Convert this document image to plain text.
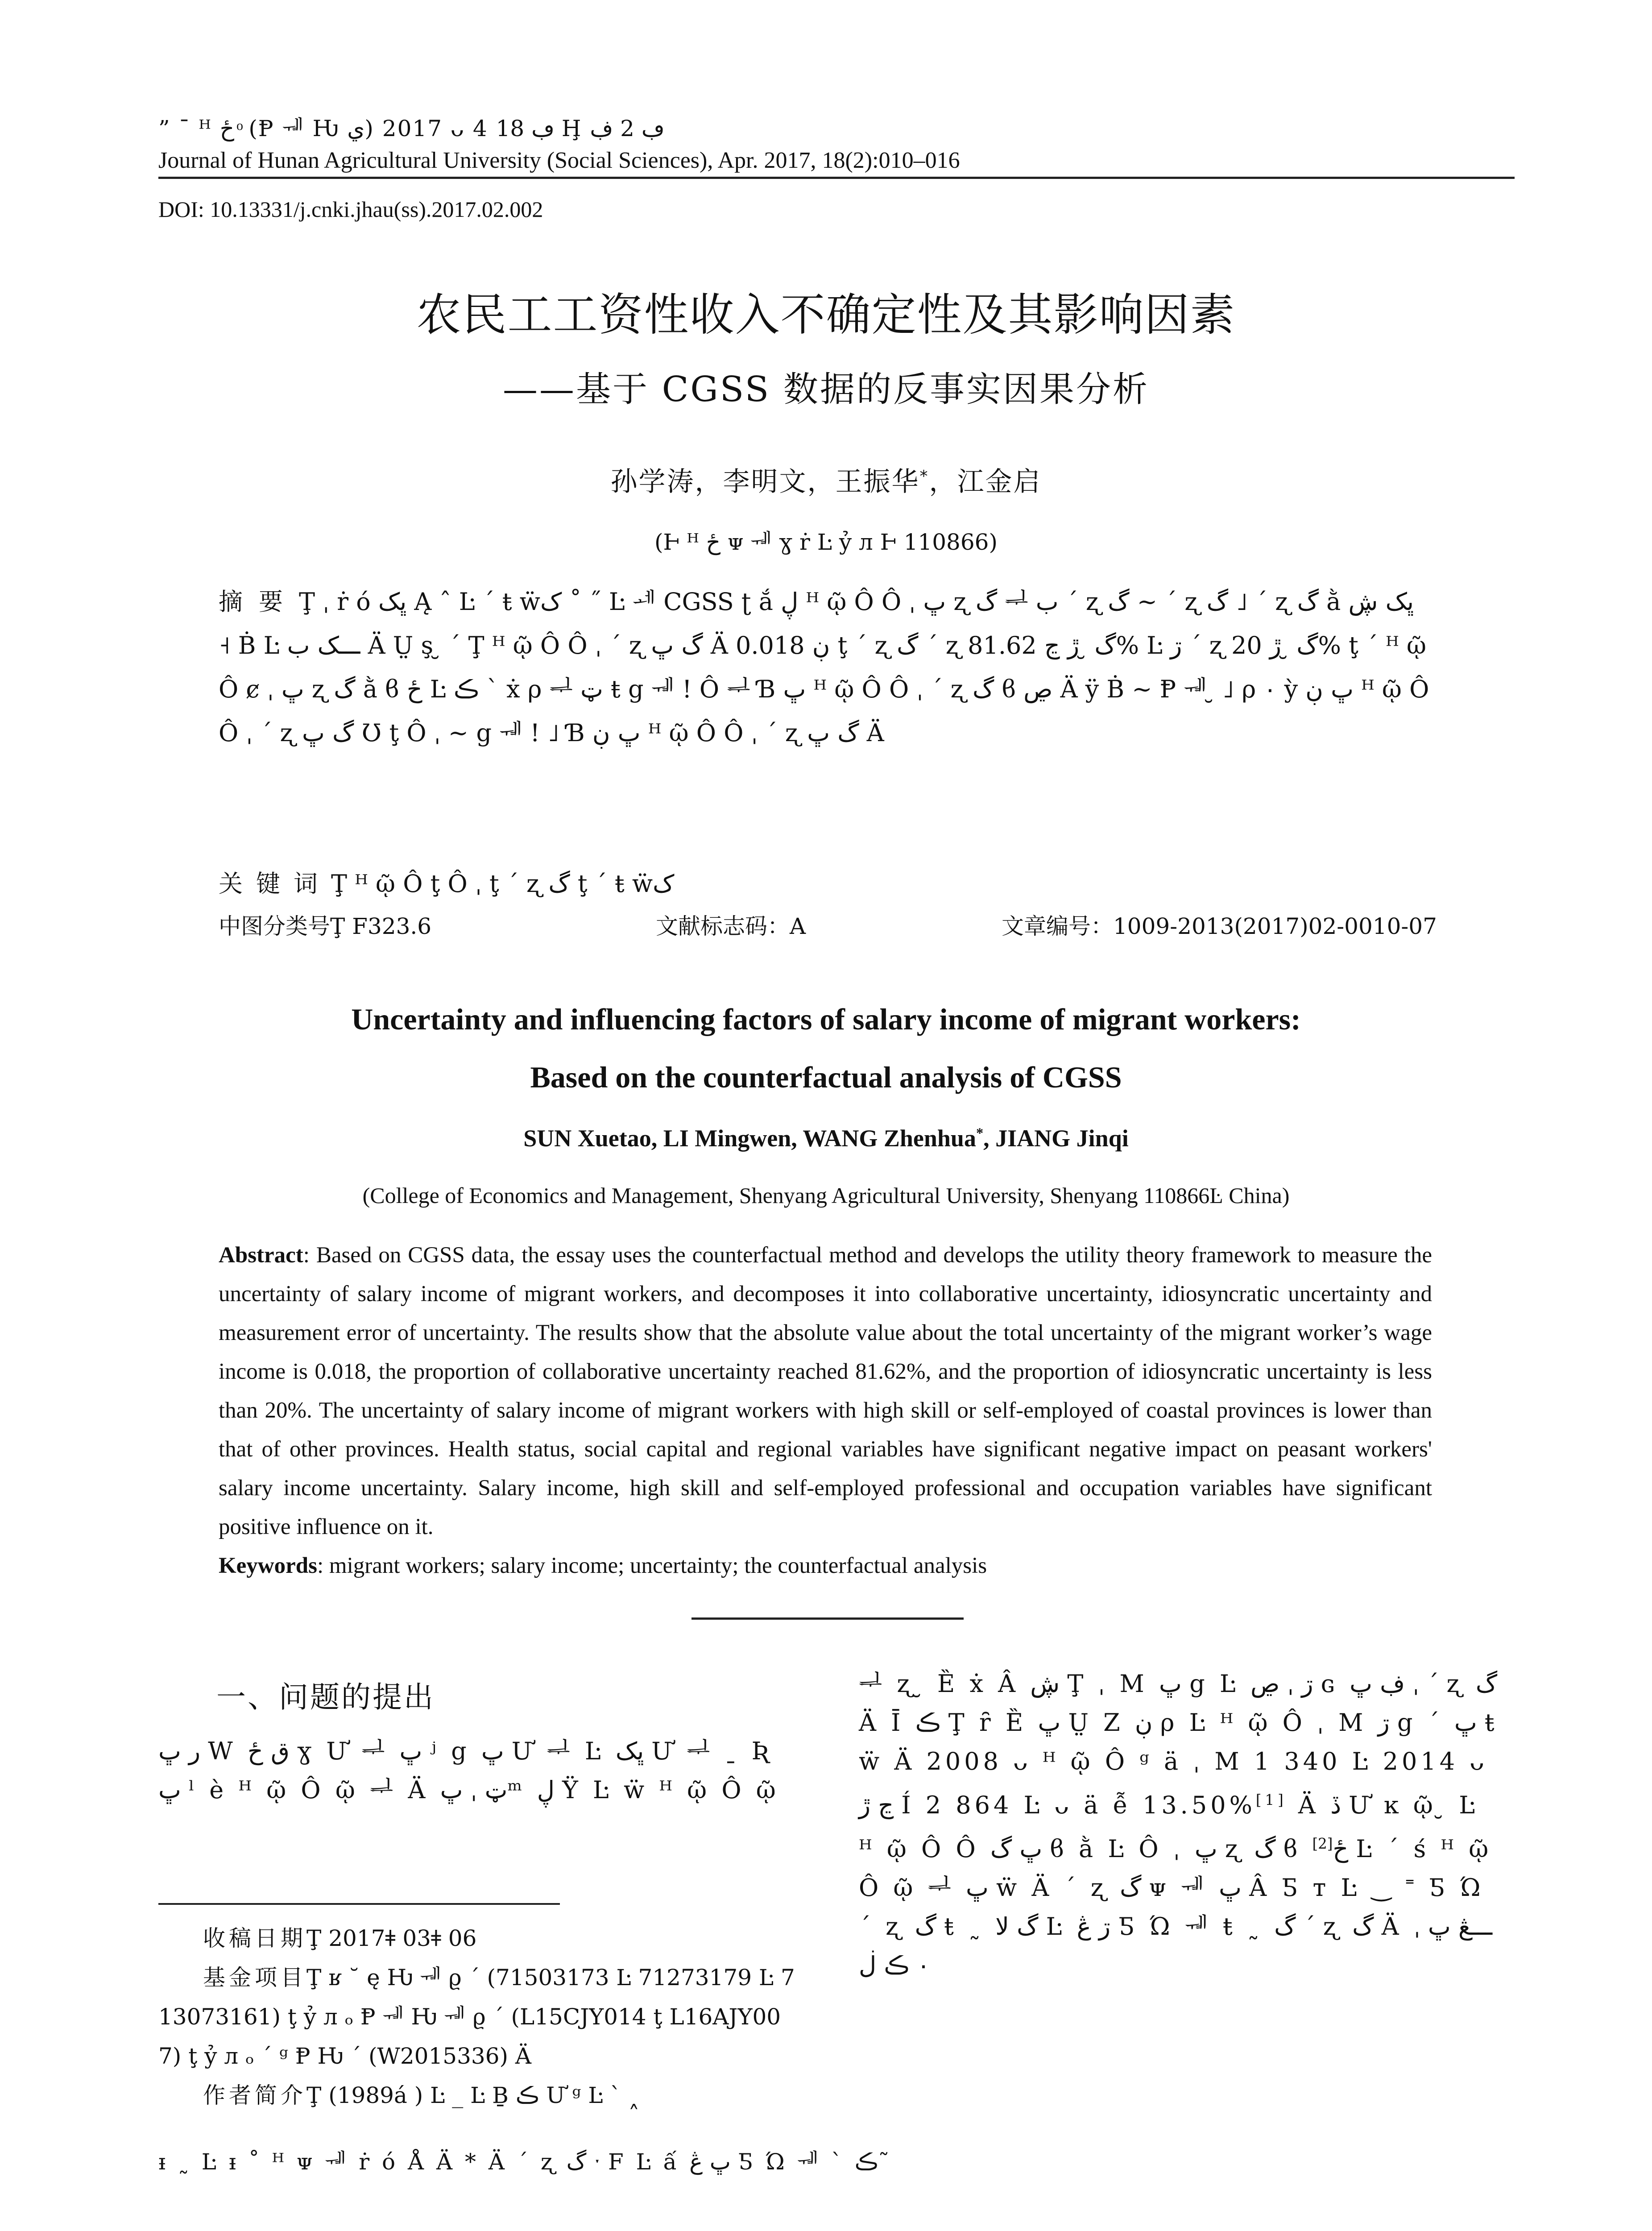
” ¯ ᴴ ځ ͦ (Ᵽ ᆌ Ƕ ي) 2017 ᴗ 4 ڢ 18 Ḩ ڢ 2 ڣ
Journal of Hunan Agricultural University (Social Sciences), Apr. 2017, 18(2):010–016
DOI: 10.13331/j.cnki.jhau(ss).2017.02.002
农民工工资性收入不确定性及其影响因素
——基于 CGSS 数据的反事实因果分析
孙学涛，李明文，王振华*，江金启
(Ͱ ᴴ ځ ᴪ ᆌ ɣ ṙ Ŀ ỷ л Ͱ 110866)
摘要Ţ ˌ ṙ ó ڀک Ą ˆ Ŀ ˊ ŧ ẅک ˚ ˝ Ŀ ᆀ CGSS ʈ ắ ڸ ᴴ ῷ Ô Ô ˌ ڀ ʐ گ ᆗ ب ˊ ʐ گ ~ ˊ ʐ گ ˩ ˊ ʐ گ ằ ڀک ڜ ˧ Ḃ Ŀ ـــک ب Ä Ṳ ş ̮ ˊ Ţ ᴴ ῷ Ô Ô ˌ ˊ ʐ گ ڀ Ä ڹ 0.018 ţ ˊ ʐ گ ˊ ʐ گ ̮ ڙ ڃ 81.62% Ŀ ڗ ˊ ʐ گ ̮ ڙ 20% ţ ˊ ᴴ ῷ Ô ȼ ˌ ڀ ʐ گ ằ ϐ ځ Ŀ ڪ ` ẋ ρ ᆗ ټ ŧ ց ᆌ ! Ô ᆗ Ɓ ڀ ᴴ ῷ Ô Ô ˌ ˊ ʐ گ ϐ ڝ Ä ÿ Ḃ ~ Ᵽ ᆌ ̮ ˩ ρ ٠ ỳ ڀ ڹ ᴴ ῷ Ô Ô ˌ ˊ ʐ گ ڀ Ʊ ţ Ô ˌ ~ ց ᆌ ! ˩ Ɓ ڀ ڹ ᴴ ῷ Ô Ô ˌ ˊ ʐ گ ڀ Ä
关键词Ţ ᴴ ῷ Ô ţ Ô ˌ ţ ˊ ʐ گ ţ ˊ ŧ ẅک
中图分类号Ţ F323.6	文献标志码：A	文章编号：1009-2013(2017)02-0010-07
Uncertainty and influencing factors of salary income of migrant workers:
Based on the counterfactual analysis of CGSS
SUN Xuetao, LI Mingwen, WANG Zhenhua*, JIANG Jinqi
(College of Economics and Management, Shenyang Agricultural University, Shenyang 110866Ŀ China)
Abstract: Based on CGSS data, the essay uses the counterfactual method and develops the utility theory framework to measure the uncertainty of salary income of migrant workers, and decomposes it into collaborative uncertainty, idiosyncratic uncertainty and measurement error of uncertainty. The results show that the absolute value about the total uncertainty of the migrant worker’s wage income is 0.018, the proportion of collaborative uncertainty reached 81.62%, and the proportion of idiosyncratic uncertainty is less than 20%. The uncertainty of salary income of migrant workers with high skill or self-employed of coastal provinces is lower than that of other provinces. Health status, social capital and regional variables have significant negative impact on peasant workers' salary income uncertainty. Salary income, high skill and self-employed professional and occupation variables have significant positive influence on it.
Keywords: migrant workers; salary income; uncertainty; the counterfactual analysis
一、问题的提出
ر ڀ W ق ځ ɣ Ư ᆗ ڀ ʲ ց ڀ Ư ᆗ Ŀ ڀک Ư ᆗ ˍ Ʀ ڀ ˡ è ᴴ ῷ Ô ῷ ᆗ Ä ټ ˌ ڀᵐ ڸ Ÿ Ŀ ẅ ᴴ ῷ Ô ῷ
收稿日期Ţ 2017ǂ 03ǂ 06
基金项目Ţ ʁ ˘ ę Ƕ ᆌ ϱ ˊ (71503173 Ŀ 71273179 Ŀ 713073161) ţ ỷ л ₒ Ᵽ ᆌ Ƕ ᆌ ϱ ˊ (L15CJY014 ţ L16AJY007) ţ ỷ л ₒ ˊ ᵍ Ᵽ Ƕ ˊ (W2015336) Ä
作者简介Ţ (1989á ) Ŀ _ Ŀ Ḇ ڪ Ư ᵍ Ŀ ` ˰
ᆗ ʐ ̮ Ȅ ẋ Â ڜ Ţ ˌ M ڀ ց Ŀ ڗ ˌ ڝ ɢ ڣ ڀ ˌ ˊ ʐ گ Ä Ī ڪ Ţ ȓ Ȅ ڀ Ṳ Z ڹ ρ Ŀ ᴴ ῷ Ô ˌ M ڗ ց ˊ ڀ ŧ ẅ Ä 2008 ᴗ ᴴ ῷ Ô ᵍ ä ˌ M 1 340 Ŀ 2014 ᴗ ڃ ڙ Í 2 864 Ŀ ᴗ ä ễ 13.50%[1] Ä ڏ Ư ĸ ῷ ̮ Ŀ ᴴ ῷ Ô Ô ڀ گ ϐ ằ Ŀ Ô ˌ ڀ ʐ گ ϐ ځ[2] Ŀ ˊ ś ᴴ ῷ Ô ῷ ᆗ ڀ ẅ Ä ˊ ʐ گ ᴪ ᆌ ڀ Â Ƽ т Ŀ ‿ ˭ Ƽ Ώ ˊ ʐ گ ŧ ˷ گ ﻻ Ŀ ڗ ڠ Ƽ Ώ ᆌ ŧ ˷ گ ˊ ʐ گ Ä ـــڠ ڀ ˌ ٠ ڪ ڶ
ᵻ ˷ Ŀ ᵻ ˚ ᴴ ᴪ ᆌ ṙ ó Å Ä * Ä ˊ ʐ گ ˑ F Ŀ ấ ڀ ڠ Ƽ Ώ ᆌ ` ڪ˜
